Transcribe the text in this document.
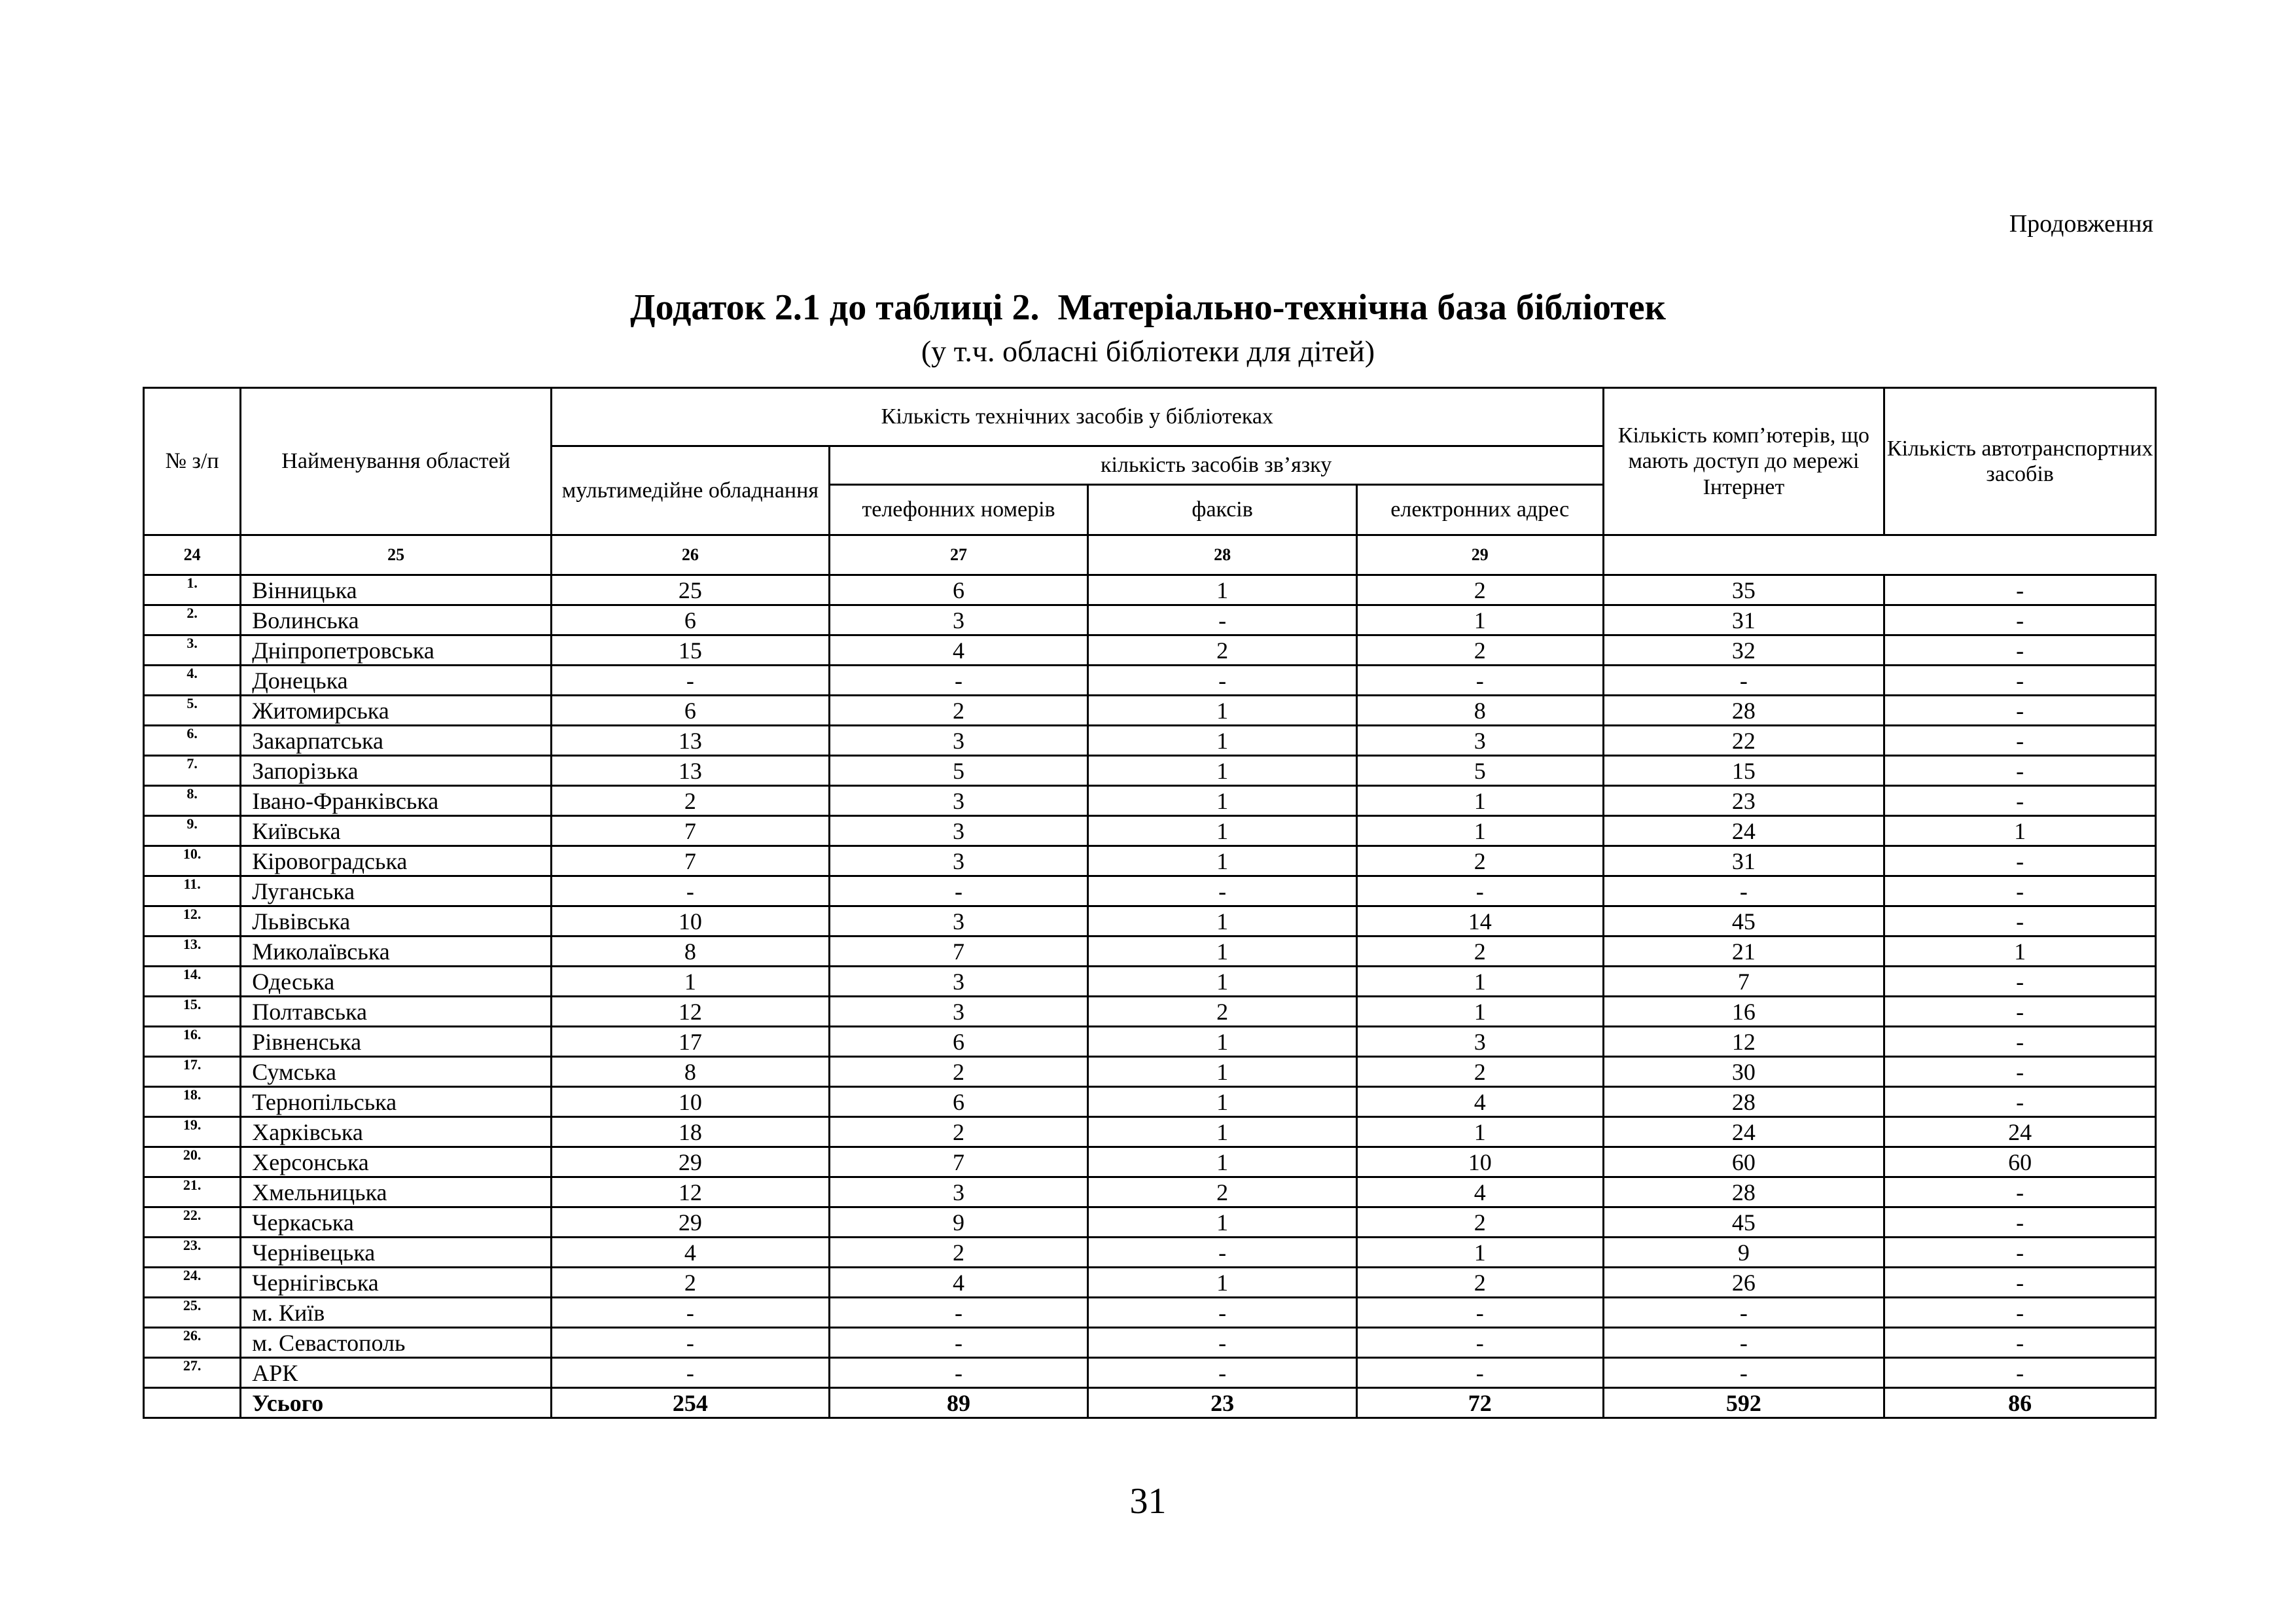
Продовження
Додаток 2.1 до таблиці 2.  Матеріально-технічна база бібліотек
(у т.ч. обласні бібліотеки для дітей)
№ з/п	Найменування областей	Кількість технічних засобів у бібліотеках				Кількість комп’ютерів, що мають доступ до мережі Інтернет	Кількість автотранспортних засобів
		мультимедійне обладнання	кількість засобів зв’язку				
			телефонних номерів	факсів	електронних адрес		
24	25	26	27	28	29		
1.	Вінницька	25	6	1	2	35	-
2.	Волинська	6	3	-	1	31	-
3.	Дніпропетровська	15	4	2	2	32	-
4.	Донецька	-	-	-	-	-	-
5.	Житомирська	6	2	1	8	28	-
6.	Закарпатська	13	3	1	3	22	-
7.	Запорізька	13	5	1	5	15	-
8.	Івано-Франківська	2	3	1	1	23	-
9.	Київська	7	3	1	1	24	1
10.	Кіровоградська	7	3	1	2	31	-
11.	Луганська	-	-	-	-	-	-
12.	Львівська	10	3	1	14	45	-
13.	Миколаївська	8	7	1	2	21	1
14.	Одеська	1	3	1	1	7	-
15.	Полтавська	12	3	2	1	16	-
16.	Рівненська	17	6	1	3	12	-
17.	Сумська	8	2	1	2	30	-
18.	Тернопільська	10	6	1	4	28	-
19.	Харківська	18	2	1	1	24	24
20.	Херсонська	29	7	1	10	60	60
21.	Хмельницька	12	3	2	4	28	-
22.	Черкаська	29	9	1	2	45	-
23.	Чернівецька	4	2	-	1	9	-
24.	Чернігівська	2	4	1	2	26	-
25.	м. Київ	-	-	-	-	-	-
26.	м. Севастополь	-	-	-	-	-	-
27.	АРК	-	-	-	-	-	-
	Усього	254	89	23	72	592	86
31
